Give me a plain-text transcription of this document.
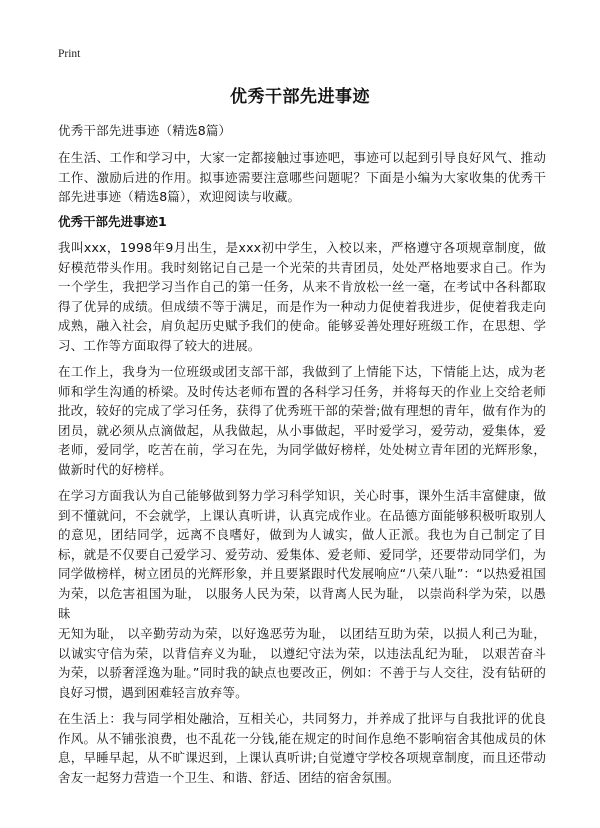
Print
优秀干部先进事迹

优秀干部先进事迹（精选8篇）

在生活、工作和学习中，大家一定都接触过事迹吧，事迹可以起到引导良好风气、推动工作、激励后进的作用。拟事迹需要注意哪些问题呢？下面是小编为大家收集的优秀干部先进事迹（精选8篇），欢迎阅读与收藏。

优秀干部先进事迹1

我叫xxx，1998年9月出生，是xxx初中学生，入校以来，严格遵守各项规章制度，做好模范带头作用。我时刻铭记自己是一个光荣的共青团员，处处严格地要求自己。作为一个学生，我把学习当作自己的第一任务，从来不肯放松一丝一毫，在考试中各科都取得了优异的成绩。但成绩不等于满足，而是作为一种动力促使着我进步，促使着我走向成熟，融入社会，肩负起历史赋予我们的使命。能够妥善处理好班级工作，在思想、学习、工作等方面取得了较大的进展。

在工作上，我身为一位班级或团支部干部，我做到了上情能下达，下情能上达，成为老师和学生沟通的桥梁。及时传达老师布置的各科学习任务，并将每天的作业上交给老师批改，较好的完成了学习任务，获得了优秀班干部的荣誉;做有理想的青年，做有作为的团员，就必须从点滴做起，从我做起，从小事做起，平时爱学习，爱劳动，爱集体，爱老师，爱同学，吃苦在前，学习在先，为同学做好榜样，处处树立青年团的光辉形象，做新时代的好榜样。

在学习方面我认为自己能够做到努力学习科学知识，关心时事，课外生活丰富健康，做到不懂就问，不会就学，上课认真听讲，认真完成作业。在品德方面能够积极听取别人的意见，团结同学，远离不良嗜好，做到为人诚实，做人正派。我也为自己制定了目标，就是不仅要自己爱学习、爱劳动、爱集体、爱老师、爱同学，还要带动同学们，为同学做榜样，树立团员的光辉形象，并且要紧跟时代发展响应“八荣八耻”：“以热爱祖国为荣，以危害祖国为耻， 以服务人民为荣，以背离人民为耻， 以崇尚科学为荣，以愚昧

无知为耻， 以辛勤劳动为荣，以好逸恶劳为耻， 以团结互助为荣，以损人利己为耻， 以诚实守信为荣，以背信弃义为耻， 以遵纪守法为荣，以违法乱纪为耻， 以艰苦奋斗为荣，以骄奢淫逸为耻。”同时我的缺点也要改正，例如：不善于与人交往，没有钻研的良好习惯，遇到困难轻言放弃等。

在生活上：我与同学相处融洽，互相关心，共同努力，并养成了批评与自我批评的优良作风。从不铺张浪费，也不乱花一分钱,能在规定的时间作息绝不影响宿舍其他成员的休息，早睡早起，从不旷课迟到，上课认真听讲;自觉遵守学校各项规章制度，而且还带动舍友一起努力营造一个卫生、和谐、舒适、团结的宿舍氛围。
